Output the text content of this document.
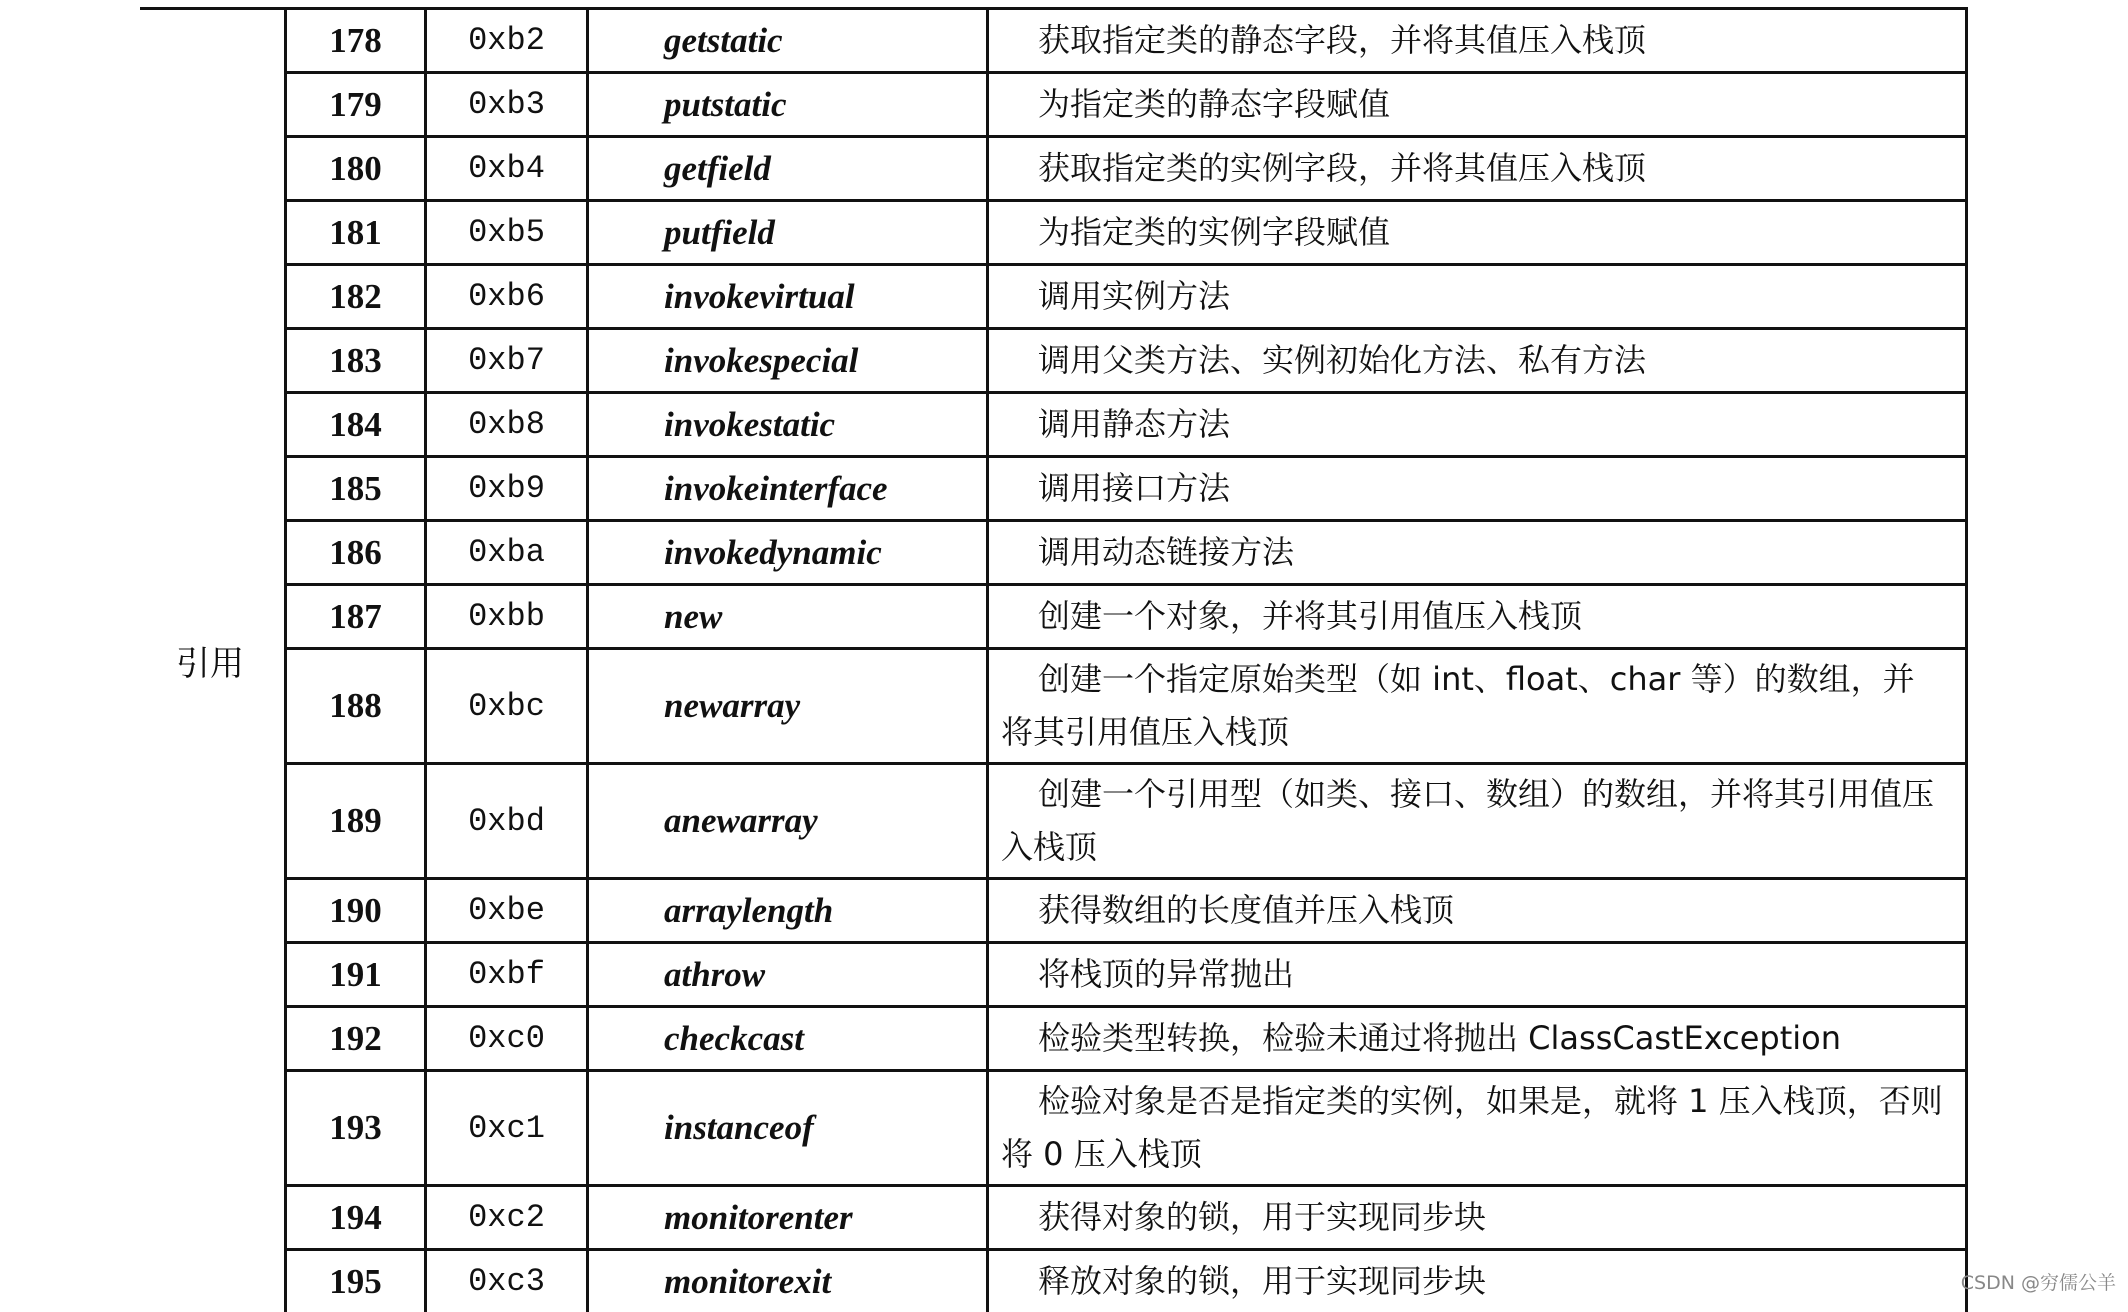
引用
178	0xb2	getstatic	获取指定类的静态字段，并将其值压入栈顶
179	0xb3	putstatic	为指定类的静态字段赋值
180	0xb4	getfield	获取指定类的实例字段，并将其值压入栈顶
181	0xb5	putfield	为指定类的实例字段赋值
182	0xb6	invokevirtual	调用实例方法
183	0xb7	invokespecial	调用父类方法、实例初始化方法、私有方法
184	0xb8	invokestatic	调用静态方法
185	0xb9	invokeinterface	调用接口方法
186	0xba	invokedynamic	调用动态链接方法
187	0xbb	new	创建一个对象，并将其引用值压入栈顶
188	0xbc	newarray
创建一个指定原始类型（如 int、float、char 等）的数组，并将其引用值压入栈顶
189	0xbd	anewarray
创建一个引用型（如类、接口、数组）的数组，并将其引用值压入栈顶
190	0xbe	arraylength	获得数组的长度值并压入栈顶
191	0xbf	athrow	将栈顶的异常抛出
192	0xc0	checkcast	检验类型转换，检验未通过将抛出 ClassCastException
193	0xc1	instanceof
检验对象是否是指定类的实例，如果是，就将 1 压入栈顶，否则将 0 压入栈顶
194	0xc2	monitorenter	获得对象的锁，用于实现同步块
195	0xc3	monitorexit	释放对象的锁，用于实现同步块	CSDN @穷儒公羊
